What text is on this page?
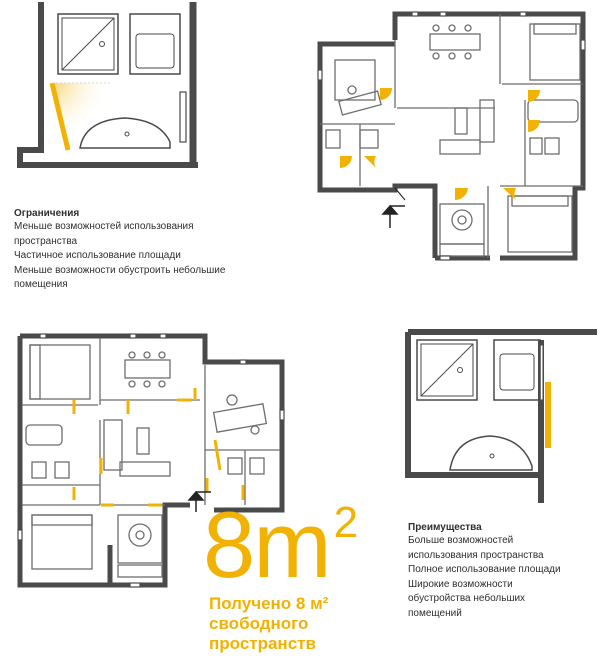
Ограничения
Меньше возможностей использования
пространства
Частичное использование площади
Меньше возможности обустроить небольшие
помещения
Преимущества
Больше возможностей
использования пространства
Полное использование площади
Широкие возможности
обустройства небольших
помещений
$8m^2$
Получено 8 м²
свободного
пространств
